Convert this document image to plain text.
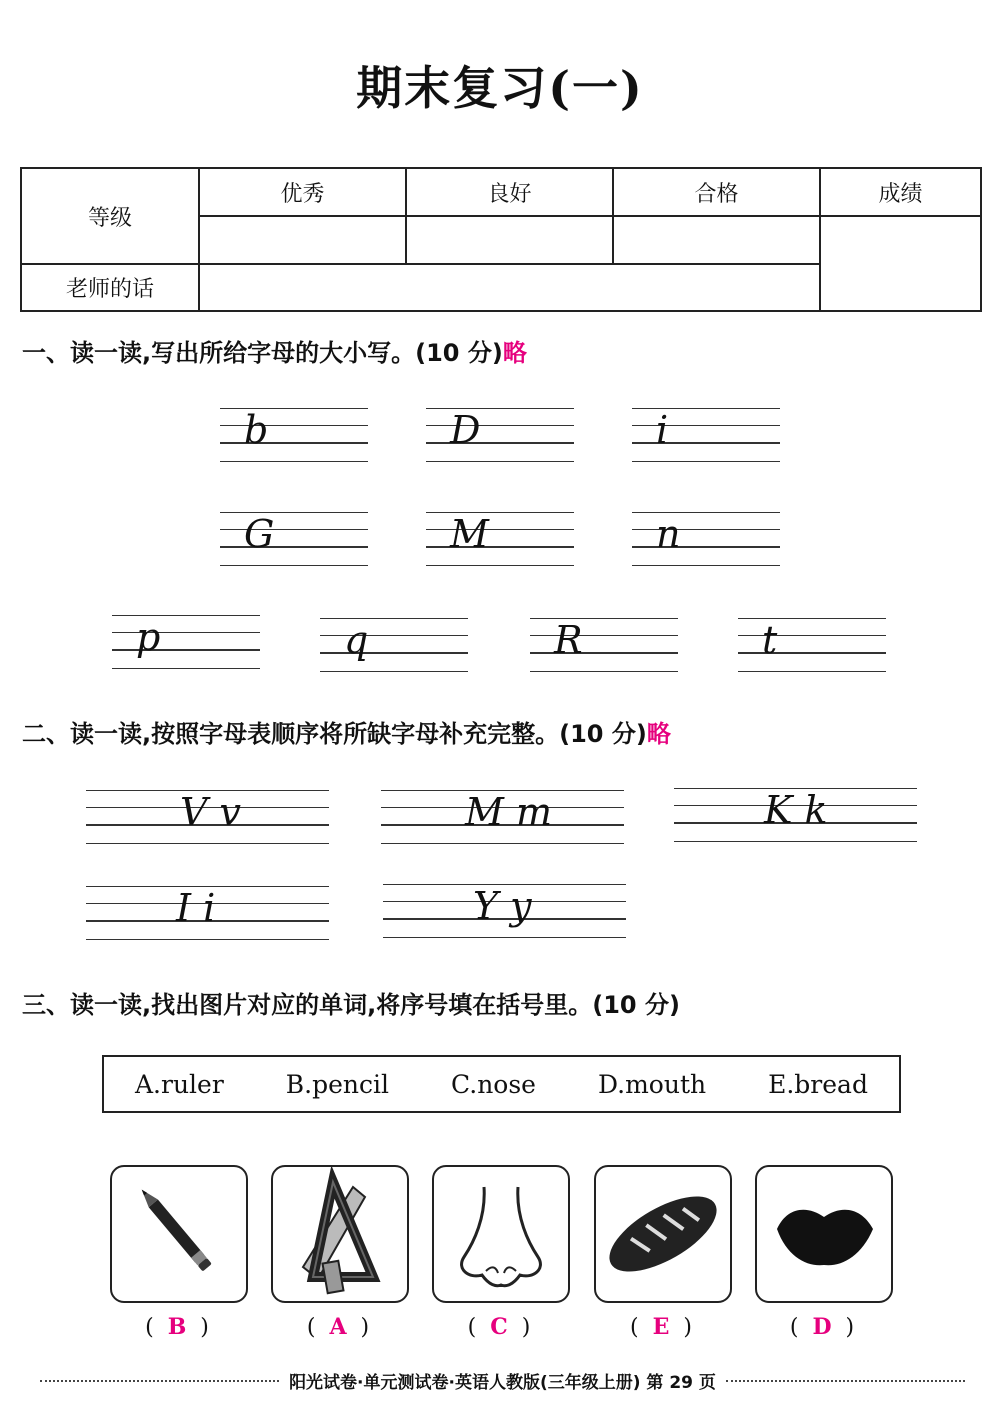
期末复习(一)
等级	优秀	良好	合格	成绩

老师的话				
一、读一读,写出所给字母的大小写。(10 分)略
b	D	i
G	M	n
p	q	R	t
二、读一读,按照字母表顺序将所缺字母补充完整。(10 分)略
V v	M m	K k
I i	Y y
三、读一读,找出图片对应的单词,将序号填在括号里。(10 分)
A.ruler B.pencil C.nose D.mouth E.bread
( B )	( A )	( C )	( E )	( D )
阳光试卷·单元测试卷·英语人教版(三年级上册) 第 29 页
